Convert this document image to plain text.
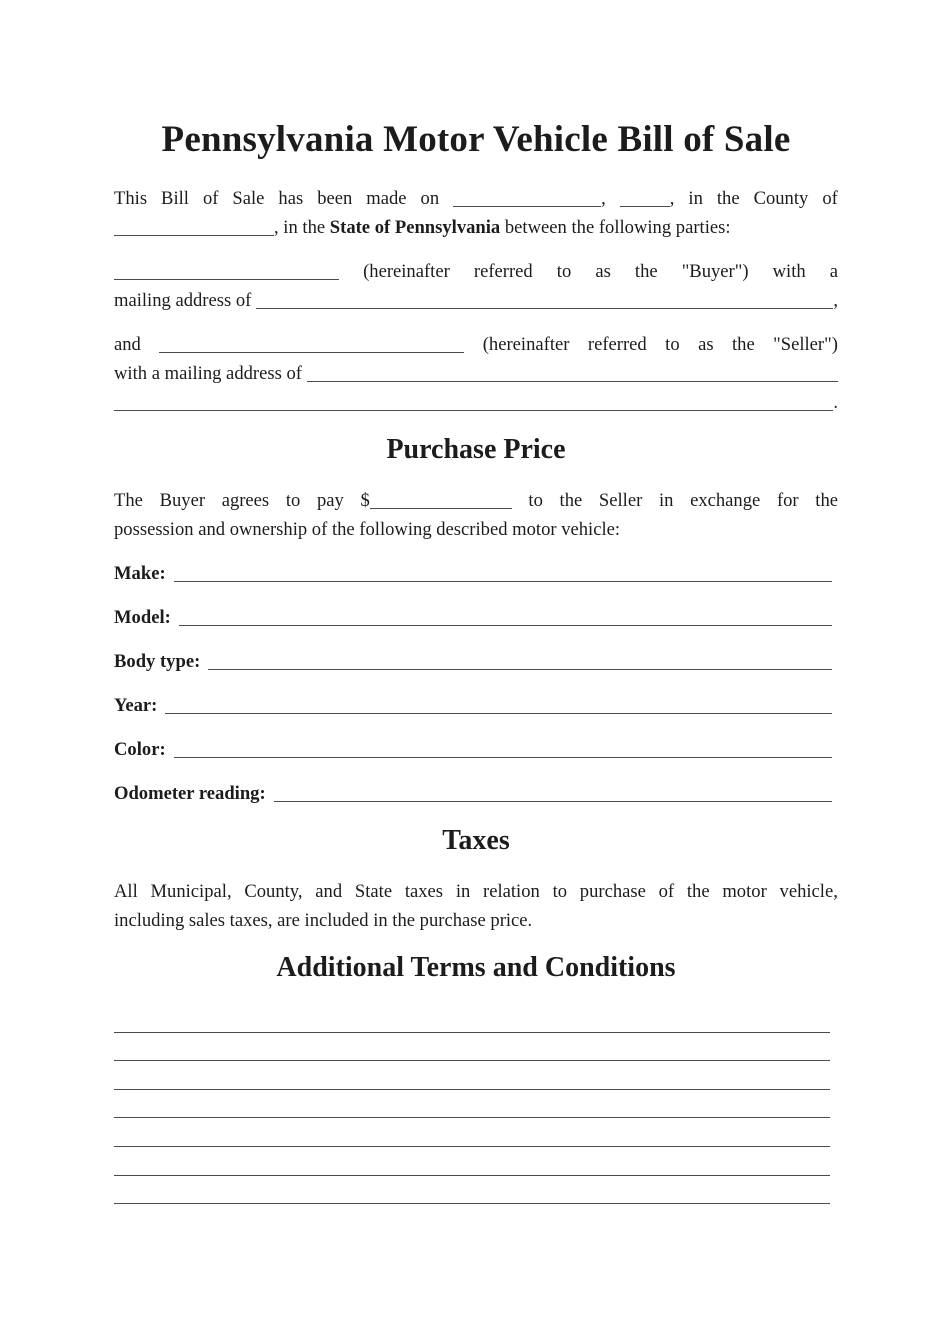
Pennsylvania Motor Vehicle Bill of Sale
This Bill of Sale has been made on	,	, in the County of
, in the State of Pennsylvania between the following parties:
(hereinafter referred to as the "Buyer") with a
mailing address of	,
and	(hereinafter referred to as the "Seller")
with a mailing address of
.
Purchase Price
The Buyer agrees to pay $	to the Seller in exchange for the
possession and ownership of the following described motor vehicle:
Make:
Model:
Body type:
Year:
Color:
Odometer reading:
Taxes
All Municipal, County, and State taxes in relation to purchase of the motor vehicle,
including sales taxes, are included in the purchase price.
Additional Terms and Conditions
